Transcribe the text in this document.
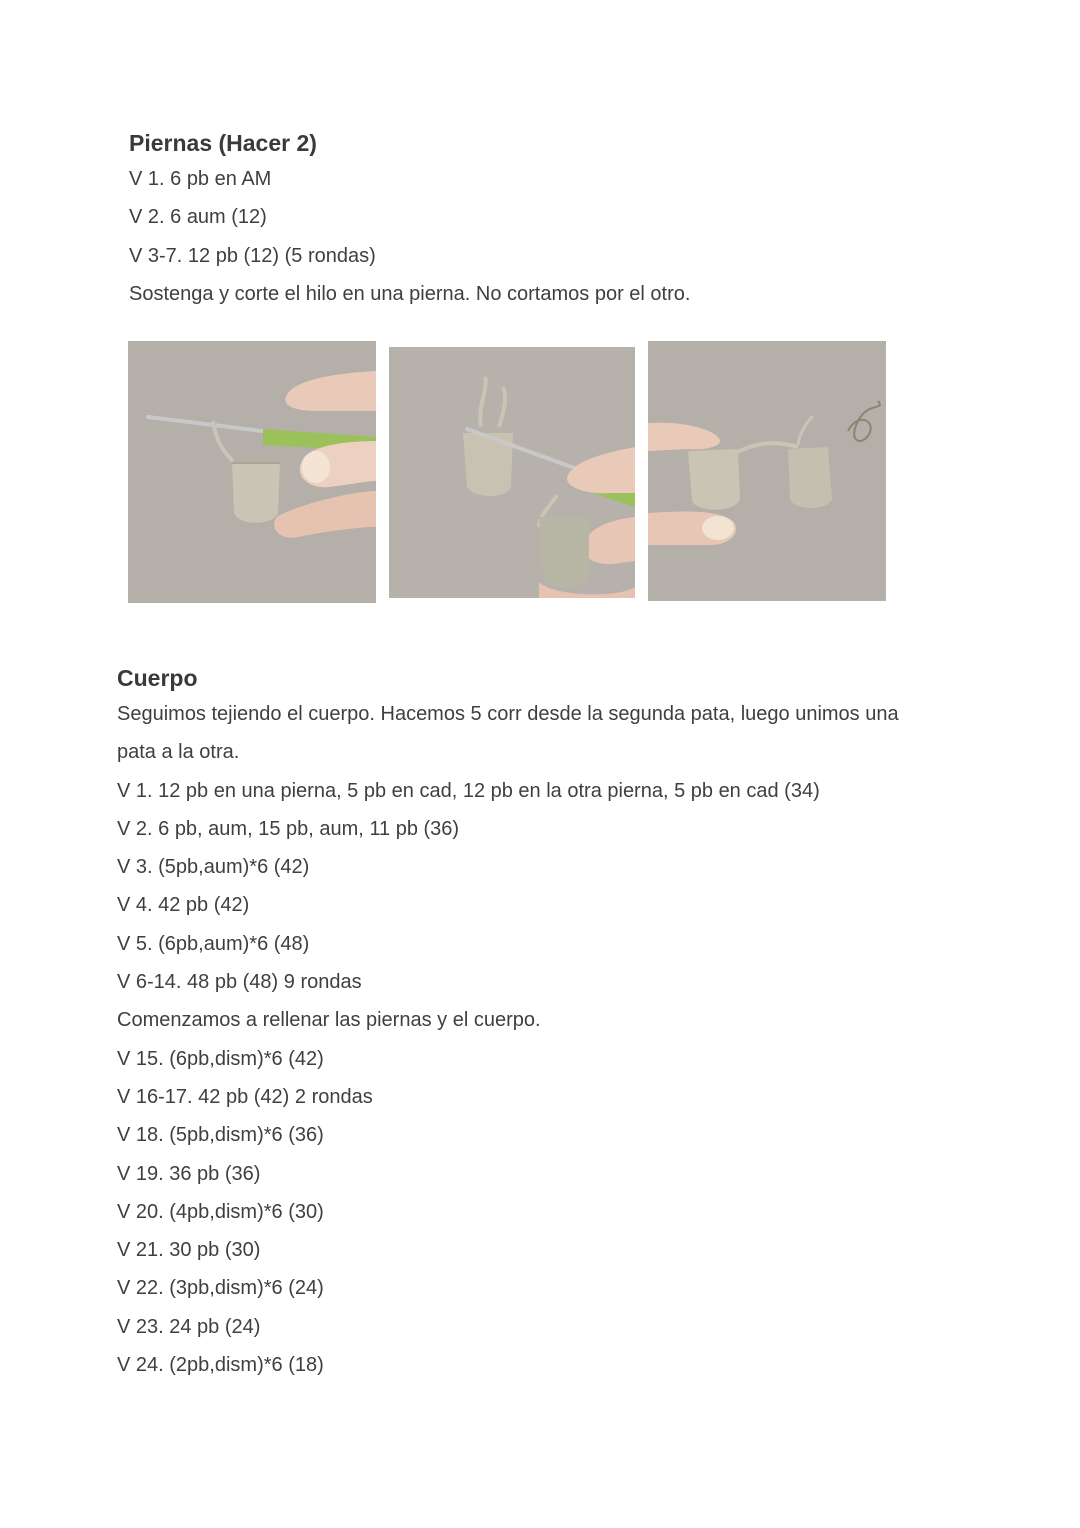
Piernas (Hacer 2)
V 1. 6 pb en AM
V 2. 6 aum (12)
V 3-7. 12 pb (12) (5 rondas)
Sostenga y corte el hilo en una pierna. No cortamos por el otro.
Cuerpo
Seguimos tejiendo el cuerpo. Hacemos 5 corr desde la segunda pata, luego unimos una pata a la otra.
V 1. 12 pb en una pierna, 5 pb en cad, 12 pb en la otra pierna, 5 pb en cad (34)
V 2. 6 pb, aum, 15 pb, aum, 11 pb (36)
V 3. (5pb,aum)*6 (42)
V 4. 42 pb (42)
V 5. (6pb,aum)*6 (48)
V 6-14. 48 pb (48) 9 rondas
Comenzamos a rellenar las piernas y el cuerpo.
V 15. (6pb,dism)*6 (42)
V 16-17. 42 pb (42) 2 rondas
V 18. (5pb,dism)*6 (36)
V 19. 36 pb (36)
V 20. (4pb,dism)*6 (30)
V 21. 30 pb (30)
V 22. (3pb,dism)*6 (24)
V 23. 24 pb (24)
V 24. (2pb,dism)*6 (18)
